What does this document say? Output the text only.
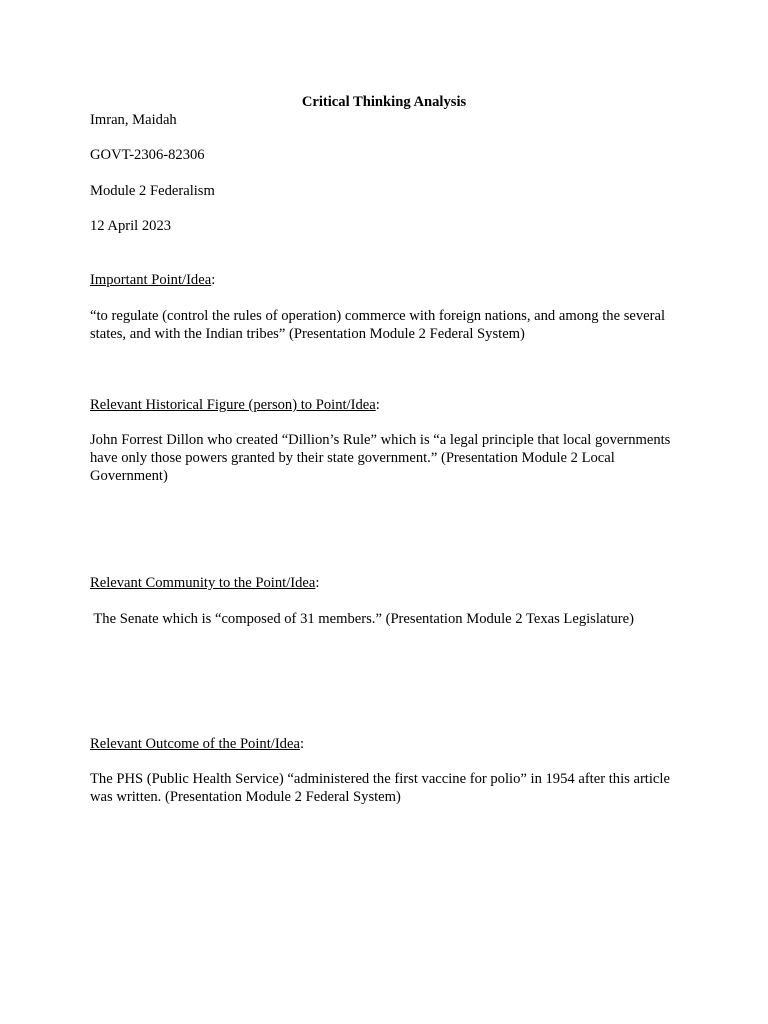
Critical Thinking Analysis
Imran, Maidah
GOVT-2306-82306
Module 2 Federalism
12 April 2023
Important Point/Idea:
“to regulate (control the rules of operation) commerce with foreign nations, and among the several states, and with the Indian tribes” (Presentation Module 2 Federal System)
Relevant Historical Figure (person) to Point/Idea:
John Forrest Dillon who created “Dillion’s Rule” which is “a legal principle that local governments have only those powers granted by their state government.” (Presentation Module 2 Local Government)
Relevant Community to the Point/Idea:
The Senate which is “composed of 31 members.” (Presentation Module 2 Texas Legislature)
Relevant Outcome of the Point/Idea:
The PHS (Public Health Service) “administered the first vaccine for polio” in 1954 after this article was written. (Presentation Module 2 Federal System)
